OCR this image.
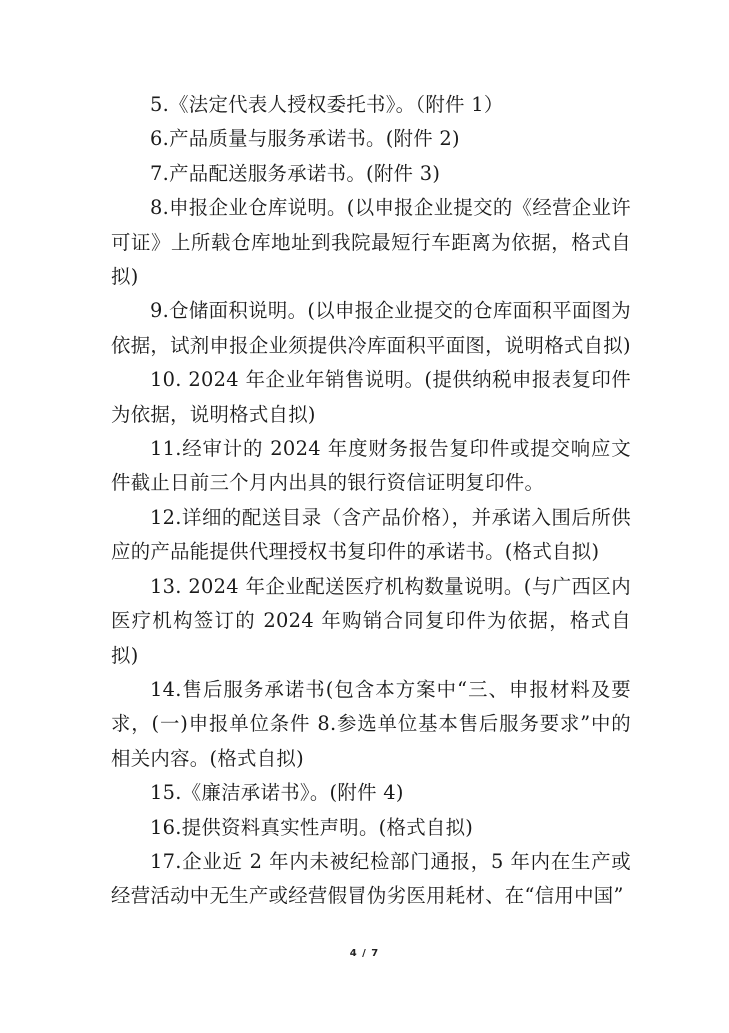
5.《法定代表人授权委托书》。（附件 1）

6.产品质量与服务承诺书。(附件 2)

7.产品配送服务承诺书。(附件 3)

8.申报企业仓库说明。(以申报企业提交的《经营企业许可证》上所载仓库地址到我院最短行车距离为依据，格式自拟)

9.仓储面积说明。(以申报企业提交的仓库面积平面图为依据，试剂申报企业须提供冷库面积平面图，说明格式自拟)

10. 2024 年企业年销售说明。(提供纳税申报表复印件为依据，说明格式自拟)

11.经审计的 2024 年度财务报告复印件或提交响应文件截止日前三个月内出具的银行资信证明复印件。

12.详细的配送目录（含产品价格），并承诺入围后所供应的产品能提供代理授权书复印件的承诺书。(格式自拟)

13. 2024 年企业配送医疗机构数量说明。(与广西区内医疗机构签订的 2024 年购销合同复印件为依据，格式自拟)

14.售后服务承诺书(包含本方案中“三、申报材料及要求，(一)申报单位条件 8.参选单位基本售后服务要求”中的相关内容。(格式自拟)

15.《廉洁承诺书》。(附件 4)

16.提供资料真实性声明。(格式自拟)

17.企业近 2 年内未被纪检部门通报，5 年内在生产或经营活动中无生产或经营假冒伪劣医用耗材、在“信用中国”

4 / 7
